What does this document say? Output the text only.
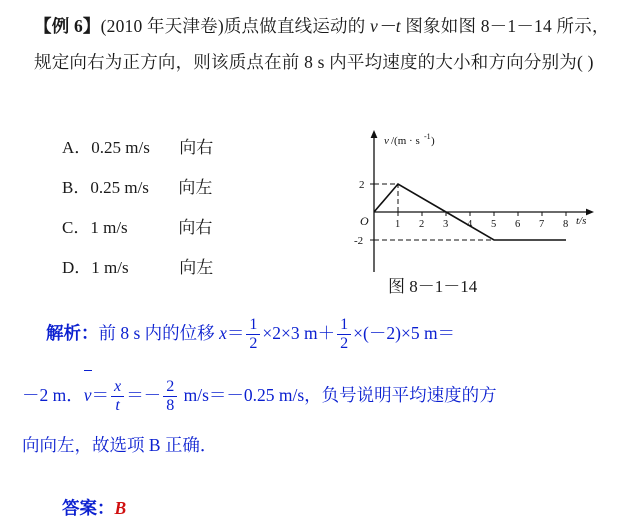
【例 6】(2010 年天津卷)质点做直线运动的 v－t 图象如图 8－1－14 所示，规定向右为正方向，则该质点在前 8 s 内平均速度的大小和方向分别为( )
A．0.25 m/s 向右
B．0.25 m/s 向左
C．1 m/s	向右
D．1 m/s	向左
v /(m · s -1 )
2
-2
O	1 2 3 4 5 6 7 8 t/s
图 8－1－14
解析：前 8 s 内的位移 $x= \frac{1}{2} \times 2\times 3$ $m+ \frac{1}{2} \times(-2)\times 5$ m＝
－2 m．$v= \frac{x}{t} =- \frac{2}{8} m/s=-0.25$ m/s，负号说明平均速度的方
向向左，故选项 B 正确．
答案：B
